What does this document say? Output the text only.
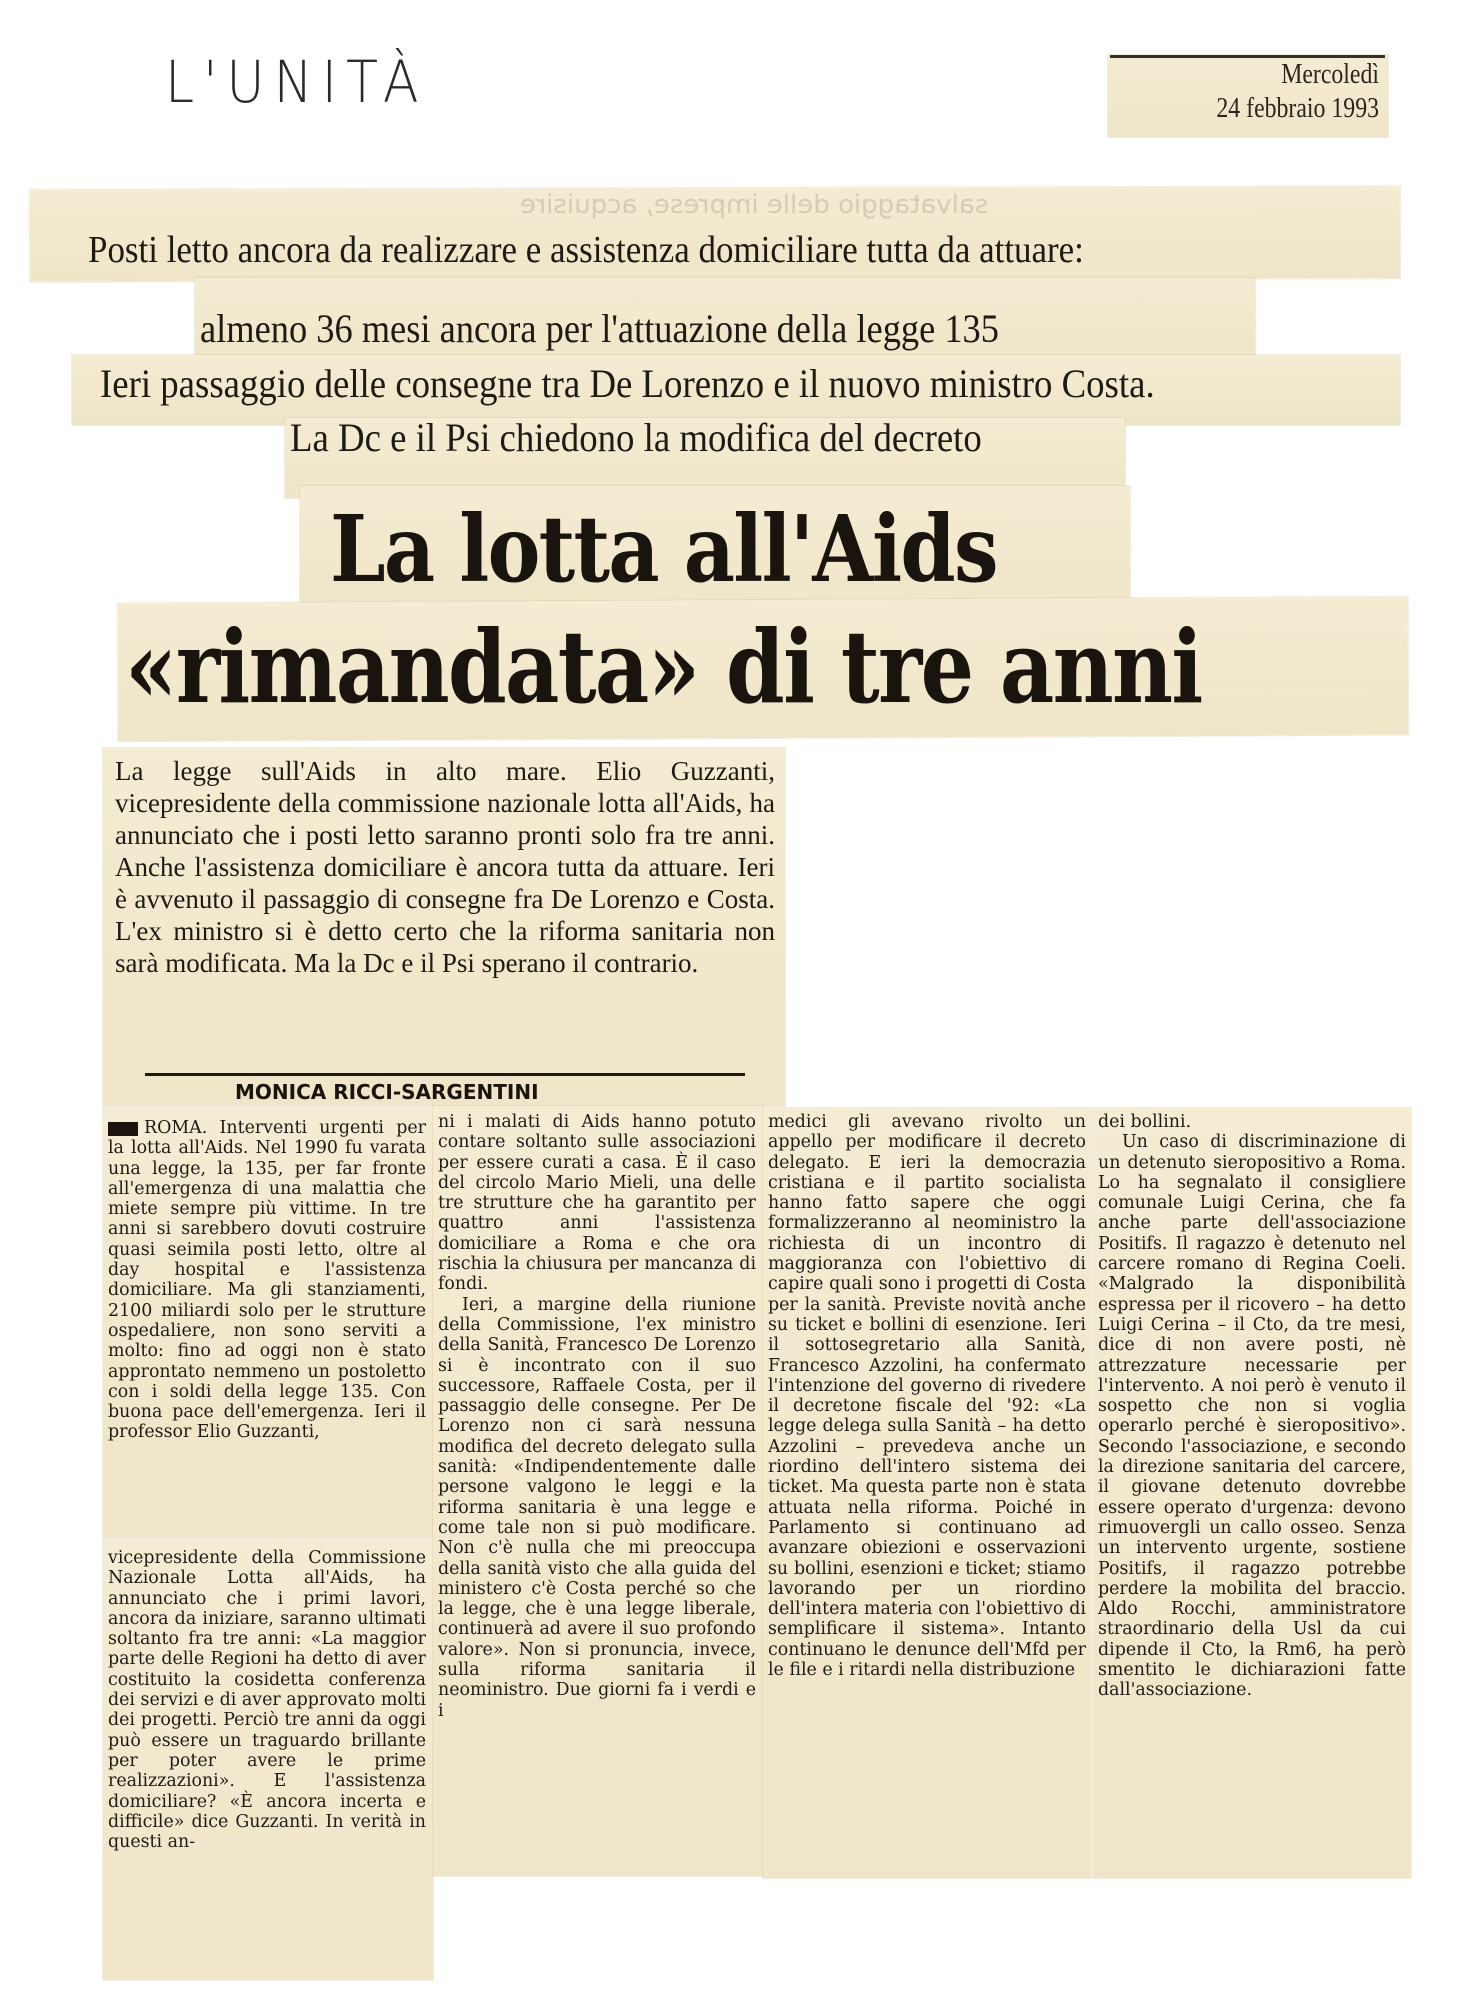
L'UNITÀ	Mercoledì
24 febbraio 1993
salvataggio delle imprese, acquisire
Posti letto ancora da realizzare e assistenza domiciliare tutta da attuare:
almeno 36 mesi ancora per l'attuazione della legge 135
Ieri passaggio delle consegne tra De Lorenzo e il nuovo ministro Costa.
La Dc e il Psi chiedono la modifica del decreto
La lotta all'Aids
«rimandata» di tre anni
La legge sull'Aids in alto mare. Elio Guzzanti, vicepresidente della commissione nazionale lotta all'Aids, ha annunciato che i posti letto saranno pronti solo fra tre anni. Anche l'assistenza domiciliare è ancora tutta da attuare. Ieri è avvenuto il passaggio di consegne fra De Lorenzo e Costa. L'ex ministro si è detto certo che la riforma sanitaria non sarà modificata. Ma la Dc e il Psi sperano il contrario.
MONICA RICCI-SARGENTINI

ROMA. Interventi urgenti per la lotta all'Aids. Nel 1990 fu varata una legge, la 135, per far fronte all'emergenza di una malattia che miete sempre più vittime. In tre anni si sarebbero dovuti costruire quasi seimila posti letto, oltre al day hospital e l'assistenza domiciliare. Ma gli stanziamenti, 2100 miliardi solo per le strutture ospedaliere, non sono serviti a molto: fino ad oggi non è stato approntato nemmeno un postoletto con i soldi della legge 135. Con buona pace dell'emergenza. Ieri il professor Elio Guzzanti,

vicepresidente della Commissione Nazionale Lotta all'Aids, ha annunciato che i primi lavori, ancora da iniziare, saranno ultimati soltanto fra tre anni: «La maggior parte delle Regioni ha detto di aver costituito la cosidetta conferenza dei servizi e di aver approvato molti dei progetti. Perciò tre anni da oggi può essere un traguardo brillante per poter avere le prime realizzazioni». E l'assistenza domiciliare? «È ancora incerta e difficile» dice Guzzanti. In verità in questi an-

ni i malati di Aids hanno potuto contare soltanto sulle associazioni per essere curati a casa. È il caso del circolo Mario Mieli, una delle tre strutture che ha garantito per quattro anni l'assistenza domiciliare a Roma e che ora rischia la chiusura per mancanza di fondi.

Ieri, a margine della riunione della Commissione, l'ex ministro della Sanità, Francesco De Lorenzo si è incontrato con il suo successore, Raffaele Costa, per il passaggio delle consegne. Per De Lorenzo non ci sarà nessuna modifica del decreto delegato sulla sanità: «Indipendentemente dalle persone valgono le leggi e la riforma sanitaria è una legge e come tale non si può modificare. Non c'è nulla che mi preoccupa della sanità visto che alla guida del ministero c'è Costa perché so che la legge, che è una legge liberale, continuerà ad avere il suo profondo valore». Non si pronuncia, invece, sulla riforma sanitaria il neoministro. Due giorni fa i verdi e i

medici gli avevano rivolto un appello per modificare il decreto delegato. E ieri la democrazia cristiana e il partito socialista hanno fatto sapere che oggi formalizzeranno al neoministro la richiesta di un incontro di maggioranza con l'obiettivo di capire quali sono i progetti di Costa per la sanità. Previste novità anche su ticket e bollini di esenzione. Ieri il sottosegretario alla Sanità, Francesco Azzolini, ha confermato l'intenzione del governo di rivedere il decretone fiscale del '92: «La legge delega sulla Sanità – ha detto Azzolini – prevedeva anche un riordino dell'intero sistema dei ticket. Ma questa parte non è stata attuata nella riforma. Poiché in Parlamento si continuano ad avanzare obiezioni e osservazioni su bollini, esenzioni e ticket; stiamo lavorando per un riordino dell'intera materia con l'obiettivo di semplificare il sistema». Intanto continuano le denunce dell'Mfd per le file e i ritardi nella distribuzione

dei bollini.

Un caso di discriminazione di un detenuto sieropositivo a Roma. Lo ha segnalato il consigliere comunale Luigi Cerina, che fa anche parte dell'associazione Positifs. Il ragazzo è detenuto nel carcere romano di Regina Coeli. «Malgrado la disponibilità espressa per il ricovero – ha detto Luigi Cerina – il Cto, da tre mesi, dice di non avere posti, nè attrezzature necessarie per l'intervento. A noi però è venuto il sospetto che non si voglia operarlo perché è sieropositivo». Secondo l'associazione, e secondo la direzione sanitaria del carcere, il giovane detenuto dovrebbe essere operato d'urgenza: devono rimuovergli un callo osseo. Senza un intervento urgente, sostiene Positifs, il ragazzo potrebbe perdere la mobilita del braccio. Aldo Rocchi, amministratore straordinario della Usl da cui dipende il Cto, la Rm6, ha però smentito le dichiarazioni fatte dall'associazione.
